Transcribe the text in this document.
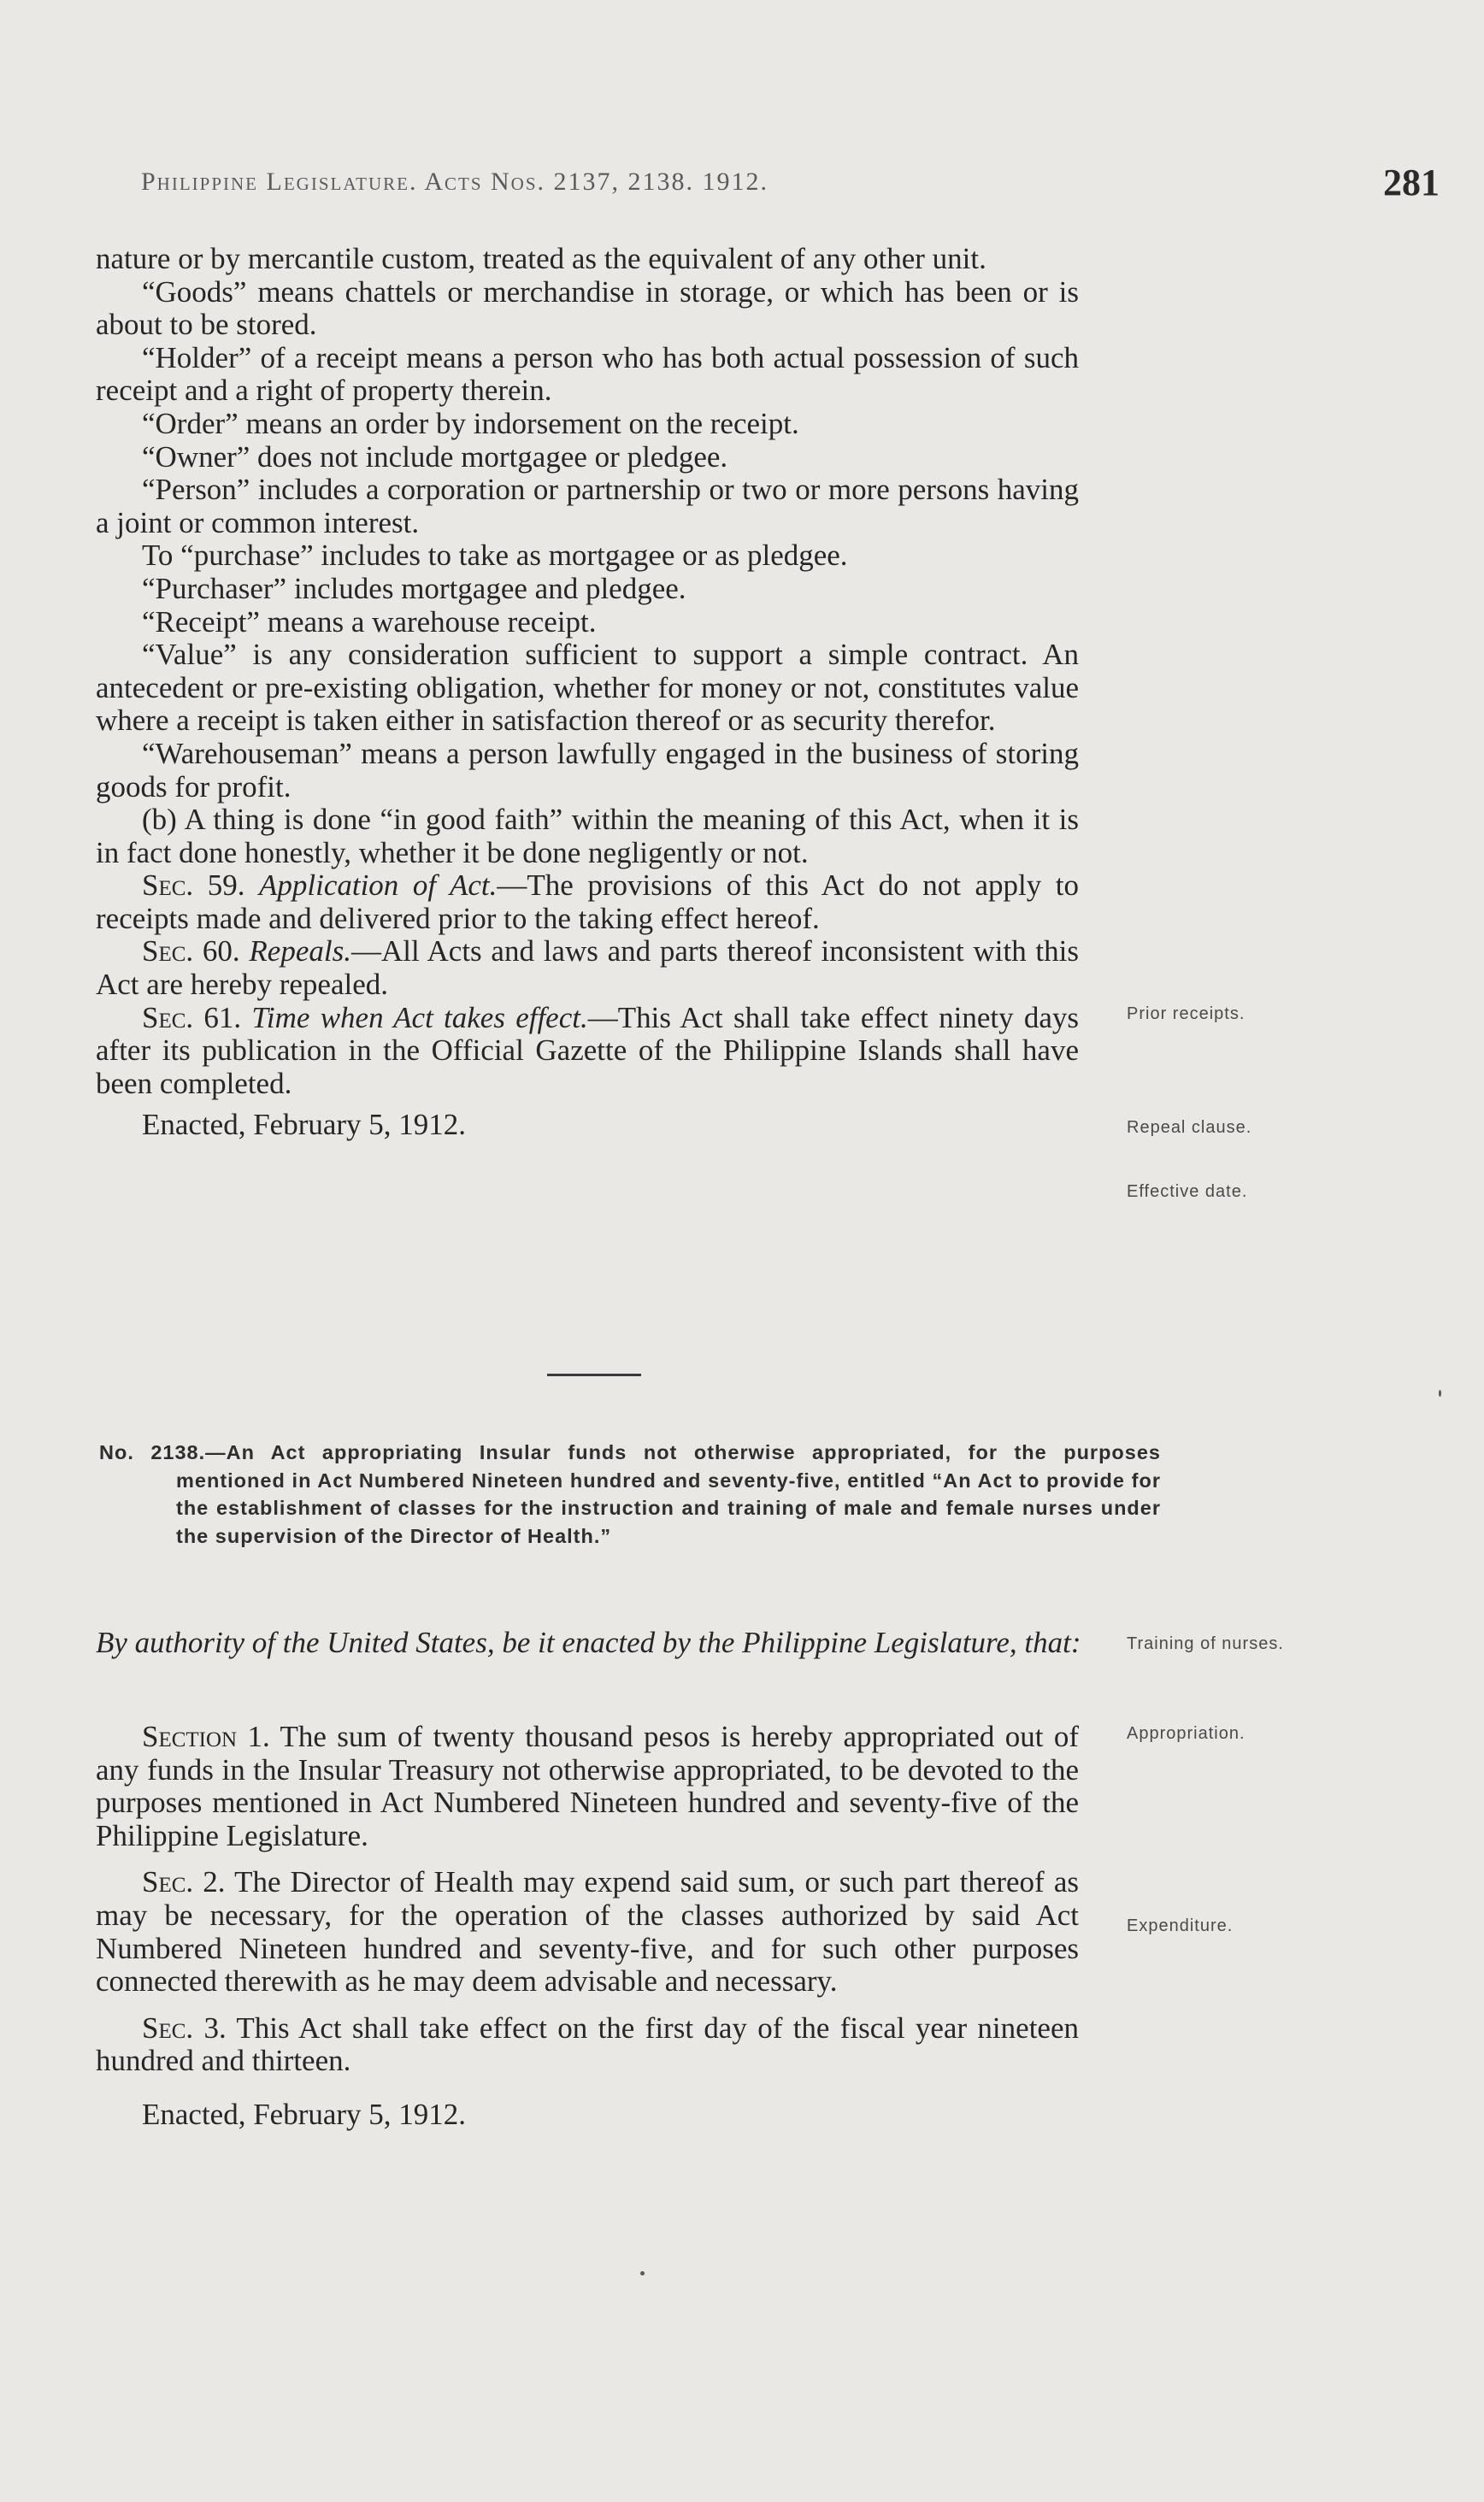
Philippine Legislature. Acts Nos. 2137, 2138. 1912.	281

nature or by mercantile custom, treated as the equivalent of any other unit.

“Goods” means chattels or merchandise in storage, or which has been or is about to be stored.

“Holder” of a receipt means a person who has both actual possession of such receipt and a right of property therein.

“Order” means an order by indorsement on the receipt.

“Owner” does not include mortgagee or pledgee.

“Person” includes a corporation or partnership or two or more persons having a joint or common interest.

To “purchase” includes to take as mortgagee or as pledgee.

“Purchaser” includes mortgagee and pledgee.

“Receipt” means a warehouse receipt.

“Value” is any consideration sufficient to support a simple contract. An antecedent or pre-existing obligation, whether for money or not, constitutes value where a receipt is taken either in satisfaction thereof or as security therefor.

“Warehouseman” means a person lawfully engaged in the business of storing goods for profit.

(b) A thing is done “in good faith” within the meaning of this Act, when it is in fact done honestly, whether it be done negligently or not.

Sec. 59. Application of Act.—The provisions of this Act do not apply to receipts made and delivered prior to the taking effect hereof.

Sec. 60. Repeals.—All Acts and laws and parts thereof inconsistent with this Act are hereby repealed.

Sec. 61. Time when Act takes effect.—This Act shall take effect ninety days after its publication in the Official Gazette of the Philippine Islands shall have been completed.

Enacted, February 5, 1912.

Prior receipts.
Repeal clause.
Effective date.

No. 2138.—An Act appropriating Insular funds not otherwise appropriated, for the purposes mentioned in Act Numbered Nineteen hundred and seventy-five, entitled “An Act to provide for the establishment of classes for the instruction and training of male and female nurses under the supervision of the Director of Health.”

By authority of the United States, be it enacted by the Philippine Legislature, that:	Training of nurses.

Section 1. The sum of twenty thousand pesos is hereby appropriated out of any funds in the Insular Treasury not otherwise appropriated, to be devoted to the purposes mentioned in Act Numbered Nineteen hundred and seventy-five of the Philippine Legislature.

Sec. 2. The Director of Health may expend said sum, or such part thereof as may be necessary, for the operation of the classes authorized by said Act Numbered Nineteen hundred and seventy-five, and for such other purposes connected therewith as he may deem advisable and necessary.

Sec. 3. This Act shall take effect on the first day of the fiscal year nineteen hundred and thirteen.

Enacted, February 5, 1912.

Appropriation.
Expenditure.
